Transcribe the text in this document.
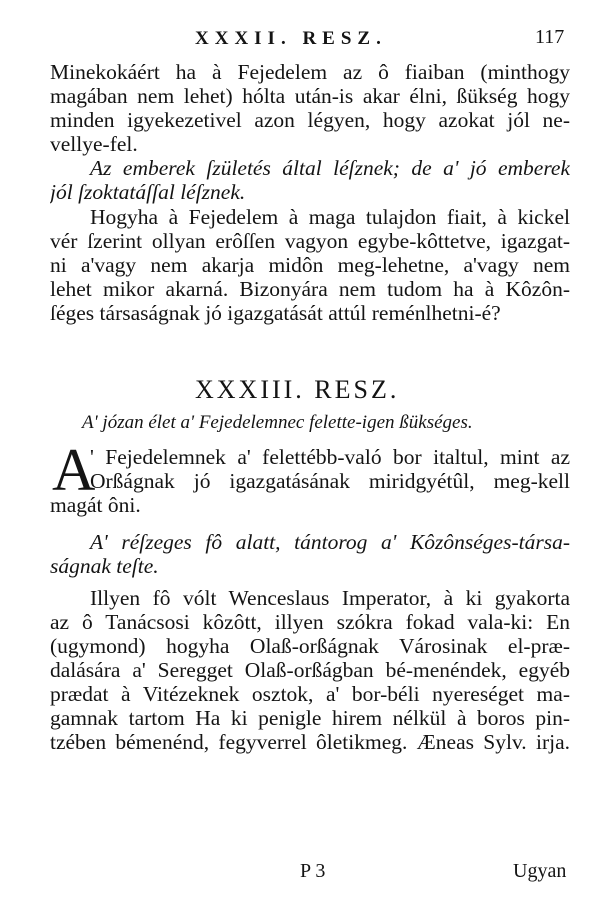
XXXII. RESZ.	117
Minekokáért ha à Fejedelem az ô fiaiban (minthogy
magában nem lehet) hólta után-is akar élni, ßükség hogy
minden igyekezetivel azon légyen, hogy azokat jól ne-
vellye-fel.
Az emberek ſzületés által léſznek; de a' jó emberek
jól ſzoktatáſſal léſznek.
Hogyha à Fejedelem à maga tulajdon fiait, à kickel
vér ſzerint ollyan erôſſen vagyon egybe-kôttetve, igazgat-
ni a'vagy nem akarja midôn meg-lehetne, a'vagy nem
lehet mikor akarná. Bizonyára nem tudom ha à Kôzôn-
ſéges társaságnak jó igazgatását attúl reménlhetni-é?
XXXIII. RESZ.
A' józan élet a' Fejedelemnec felette-igen ßükséges.
A
' Fejedelemnek a' felettébb-való bor italtul, mint az
Orßágnak jó igazgatásának miridgyétûl, meg-kell
magát ôni.
A' réſzeges fô alatt, tántorog a' Kôzônséges-társa-
ságnak teſte.
Illyen fô vólt Wenceslaus Imperator, à ki gyakorta
az ô Tanácsosi kôzôtt, illyen szókra fokad vala-ki: En
(ugymond) hogyha Olaß-orßágnak Városinak el-præ-
dalására a' Seregget Olaß-orßágban bé-menéndek, egyéb
prædat à Vitézeknek osztok, a' bor-béli nyereséget ma-
gamnak tartom Ha ki penigle hirem nélkül à boros pin-
tzében bémenénd, fegyverrel ôletikmeg. Æneas Sylv. irja.
P 3	Ugyan
